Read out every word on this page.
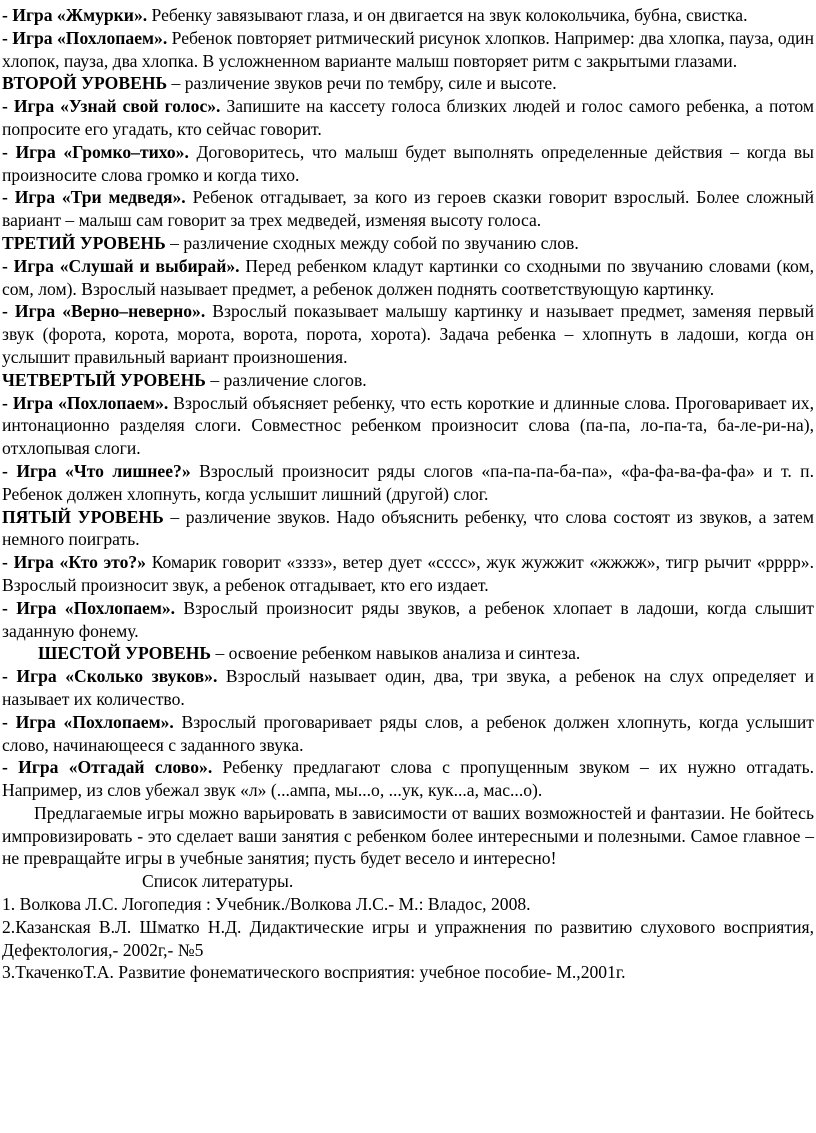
- Игра «Жмурки». Ребенку завязывают глаза, и он двигается на звук колокольчика, бубна, свистка.

- Игра «Похлопаем». Ребенок повторяет ритмический рисунок хлопков. Например: два хлопка, пауза, один хлопок, пауза, два хлопка. В усложненном варианте малыш повторяет ритм с закрытыми глазами.

ВТОРОЙ УРОВЕНЬ – различение звуков речи по тембру, силе и высоте.

- Игра «Узнай свой голос». Запишите на кассету голоса близких людей и голос самого ребенка, а потом попросите его угадать, кто сейчас говорит.

- Игра «Громко–тихо». Договоритесь, что малыш будет выполнять определенные действия – когда вы произносите слова громко и когда тихо.

- Игра «Три медведя». Ребенок отгадывает, за кого из героев сказки говорит взрослый. Более сложный вариант – малыш сам говорит за трех медведей, изменяя высоту голоса.

ТРЕТИЙ УРОВЕНЬ – различение сходных между собой по звучанию слов.

- Игра «Слушай и выбирай». Перед ребенком кладут картинки со сходными по звучанию словами (ком, сом, лом). Взрослый называет предмет, а ребенок должен поднять соответствующую картинку.

- Игра «Верно–неверно». Взрослый показывает малышу картинку и называет предмет, заменяя первый звук (форота, корота, морота, ворота, порота, хорота). Задача ребенка – хлопнуть в ладоши, когда он услышит правильный вариант произношения.

ЧЕТВЕРТЫЙ УРОВЕНЬ – различение слогов.

- Игра «Похлопаем». Взрослый объясняет ребенку, что есть короткие и длинные слова. Проговаривает их, интонационно разделяя слоги. Совместнос ребенком произносит слова (па-па, ло-па-та, ба-ле-ри-на), отхлопывая слоги.

- Игра «Что лишнее?» Взрослый произносит ряды слогов «па-па-па-ба-па», «фа-фа-ва-фа-фа» и т. п. Ребенок должен хлопнуть, когда услышит лишний (другой) слог.

ПЯТЫЙ УРОВЕНЬ – различение звуков. Надо объяснить ребенку, что слова состоят из звуков, а затем немного поиграть.

- Игра «Кто это?» Комарик говорит «зззз», ветер дует «сссс», жук жужжит «жжжж», тигр рычит «рррр». Взрослый произносит звук, а ребенок отгадывает, кто его издает.

- Игра «Похлопаем». Взрослый произносит ряды звуков, а ребенок хлопает в ладоши, когда слышит заданную фонему.

ШЕСТОЙ УРОВЕНЬ – освоение ребенком навыков анализа и синтеза.

- Игра «Сколько звуков». Взрослый называет один, два, три звука, а ребенок на слух определяет и называет их количество.

- Игра «Похлопаем». Взрослый проговаривает ряды слов, а ребенок должен хлопнуть, когда услышит слово, начинающееся с заданного звука.

- Игра «Отгадай слово». Ребенку предлагают слова с пропущенным звуком – их нужно отгадать. Например, из слов убежал звук «л» (...ампа, мы...о, ...ук, кук...а, мас...о).

Предлагаемые игры можно варьировать в зависимости от ваших возможностей и фантазии. Не бойтесь импровизировать - это сделает ваши занятия с ребенком более интересными и полезными. Самое главное – не превращайте игры в учебные занятия; пусть будет весело и интересно!

Список литературы.

1. Волкова Л.С. Логопедия : Учебник./Волкова Л.С.- М.: Владос, 2008.

2.Казанская В.Л. Шматко Н.Д. Дидактические игры и упражнения по развитию слухового восприятия, Дефектология,- 2002г,- №5

3.ТкаченкоТ.А. Развитие фонематического восприятия: учебное пособие- М.,2001г.
